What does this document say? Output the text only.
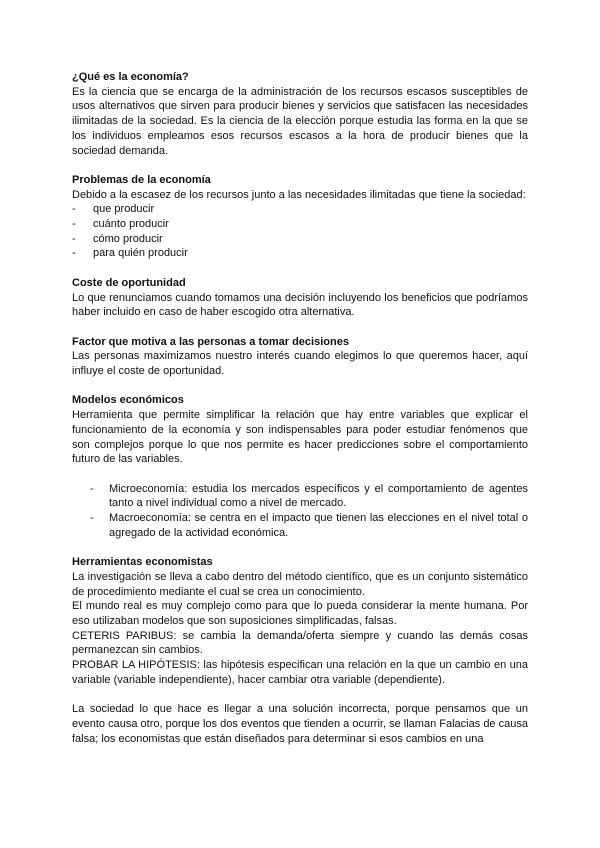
¿Qué es la economía?
Es la ciencia que se encarga de la administración de los recursos escasos susceptibles de usos alternativos que sirven para producir bienes y servicios que satisfacen las necesidades ilimitadas de la sociedad. Es la ciencia de la elección porque estudia las forma en la que se los individuos empleamos esos recursos escasos a la hora de producir bienes que la sociedad demanda.
Problemas de la economía
Debido a la escasez de los recursos junto a las necesidades ilimitadas que tiene la sociedad:
- que producir
- cuánto producir
- cómo producir
- para quién producir
Coste de oportunidad
Lo que renunciamos cuando tomamos una decisión incluyendo los beneficios que podríamos haber incluido en caso de haber escogido otra alternativa.
Factor que motiva a las personas a tomar decisiones
Las personas maximizamos nuestro interés cuando elegimos lo que queremos hacer, aquí influye el coste de oportunidad.
Modelos económicos
Herramienta que permite simplificar la relación que hay entre variables que explicar el funcionamiento de la economía y son indispensables para poder estudiar fenómenos que son complejos porque lo que nos permite es hacer predicciones sobre el comportamiento futuro de las variables.
- Microeconomía: estudia los mercados específicos y el comportamiento de agentes tanto a nivel individual como a nivel de mercado.
- Macroeconomía: se centra en el impacto que tienen las elecciones en el nivel total o agregado de la actividad económica.
Herramientas economistas
La investigación se lleva a cabo dentro del método científico, que es un conjunto sistemático de procedimiento mediante el cual se crea un conocimiento.
El mundo real es muy complejo como para que lo pueda considerar la mente humana. Por eso utilizaban modelos que son suposiciones simplificadas, falsas.
CETERIS PARIBUS: se cambia la demanda/oferta siempre y cuando las demás cosas permanezcan sin cambios.
PROBAR LA HIPÓTESIS: las hipótesis especifican una relación en la que un cambio en una variable (variable independiente), hacer cambiar otra variable (dependiente).
La sociedad lo que hace es llegar a una solución incorrecta, porque pensamos que un evento causa otro, porque los dos eventos que tienden a ocurrir, se llaman Falacias de causa falsa; los economistas que están diseñados para determinar si esos cambios en una
